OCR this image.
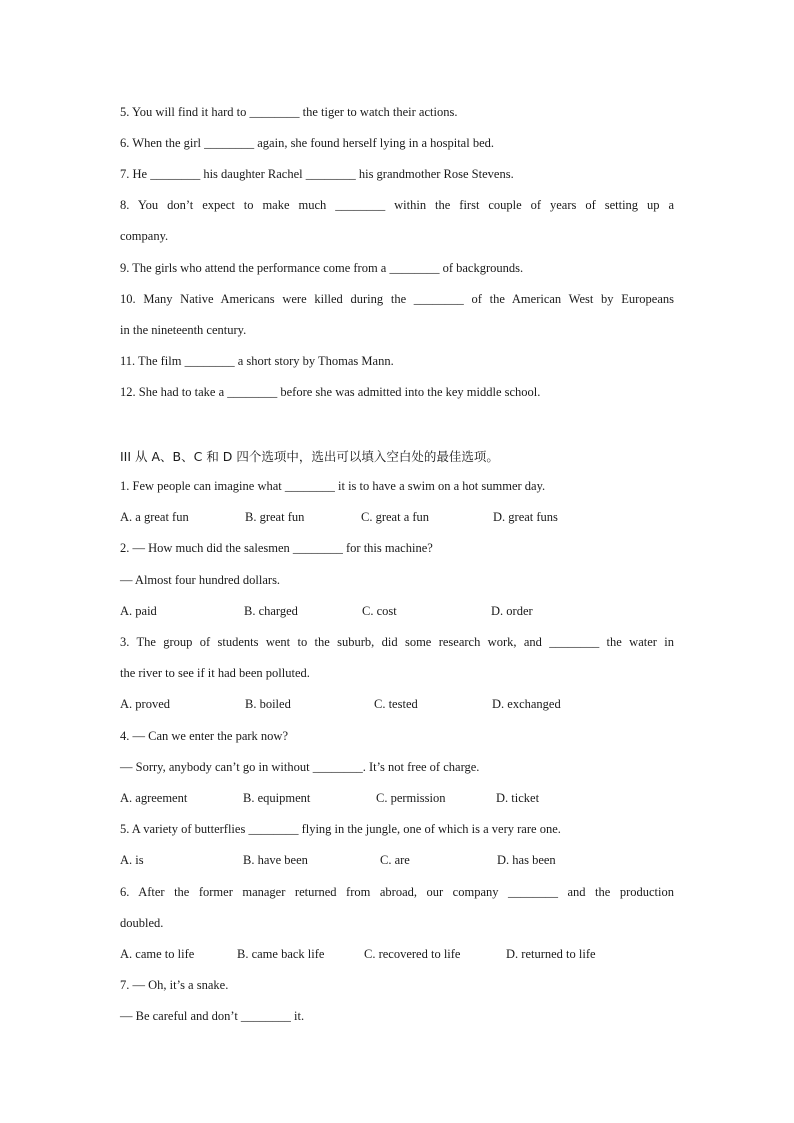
5. You will find it hard to ________ the tiger to watch their actions.
6. When the girl ________ again, she found herself lying in a hospital bed.
7. He ________ his daughter Rachel ________ his grandmother Rose Stevens.
8. You don’t expect to make much ________ within the first couple of years of setting up a
company.
9. The girls who attend the performance come from a ________ of backgrounds.
10. Many Native Americans were killed during the ________ of the American West by Europeans
in the nineteenth century.
11. The film ________ a short story by Thomas Mann.
12. She had to take a ________ before she was admitted into the key middle school.
III 从 A、B、C 和 D 四个选项中，选出可以填入空白处的最佳选项。
1. Few people can imagine what ________ it is to have a swim on a hot summer day.
A. a great fun	B. great fun	C. great a fun	D. great funs
2. — How much did the salesmen ________ for this machine?
— Almost four hundred dollars.
A. paid	B. charged	C. cost	D. order
3. The group of students went to the suburb, did some research work, and ________ the water in
the river to see if it had been polluted.
A. proved	B. boiled	C. tested	D. exchanged
4. — Can we enter the park now?
— Sorry, anybody can’t go in without ________. It’s not free of charge.
A. agreement	B. equipment	C. permission	D. ticket
5. A variety of butterflies ________ flying in the jungle, one of which is a very rare one.
A. is	B. have been	C. are	D. has been
6. After the former manager returned from abroad, our company ________ and the production
doubled.
A. came to life	B. came back life	C. recovered to life	D. returned to life
7. — Oh, it’s a snake.
— Be careful and don’t ________ it.
